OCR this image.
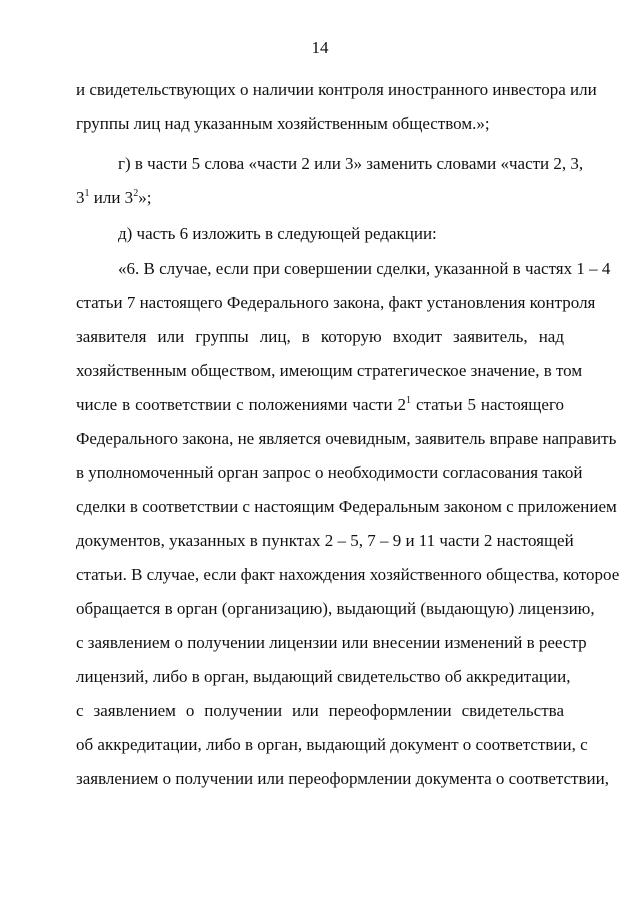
14
и свидетельствующих о наличии контроля иностранного инвестора или
группы лиц над указанным хозяйственным обществом.»;
г) в части 5 слова «части 2 или 3» заменить словами «части 2, 3,
$3^1$ или $3^2$»;
д) часть 6 изложить в следующей редакции:
«6. В случае, если при совершении сделки, указанной в частях 1 – 4
статьи 7 настоящего Федерального закона, факт установления контроля
заявителя или группы лиц, в которую входит заявитель, над
хозяйственным обществом, имеющим стратегическое значение, в том
числе в соответствии с положениями части $2^1$ статьи 5 настоящего
Федерального закона, не является очевидным, заявитель вправе направить
в уполномоченный орган запрос о необходимости согласования такой
сделки в соответствии с настоящим Федеральным законом с приложением
документов, указанных в пунктах 2 – 5, 7 – 9 и 11 части 2 настоящей
статьи. В случае, если факт нахождения хозяйственного общества, которое
обращается в орган (организацию), выдающий (выдающую) лицензию,
с заявлением о получении лицензии или внесении изменений в реестр
лицензий, либо в орган, выдающий свидетельство об аккредитации,
с заявлением о получении или переоформлении свидетельства
об аккредитации, либо в орган, выдающий документ о соответствии, с
заявлением о получении или переоформлении документа о соответствии,
